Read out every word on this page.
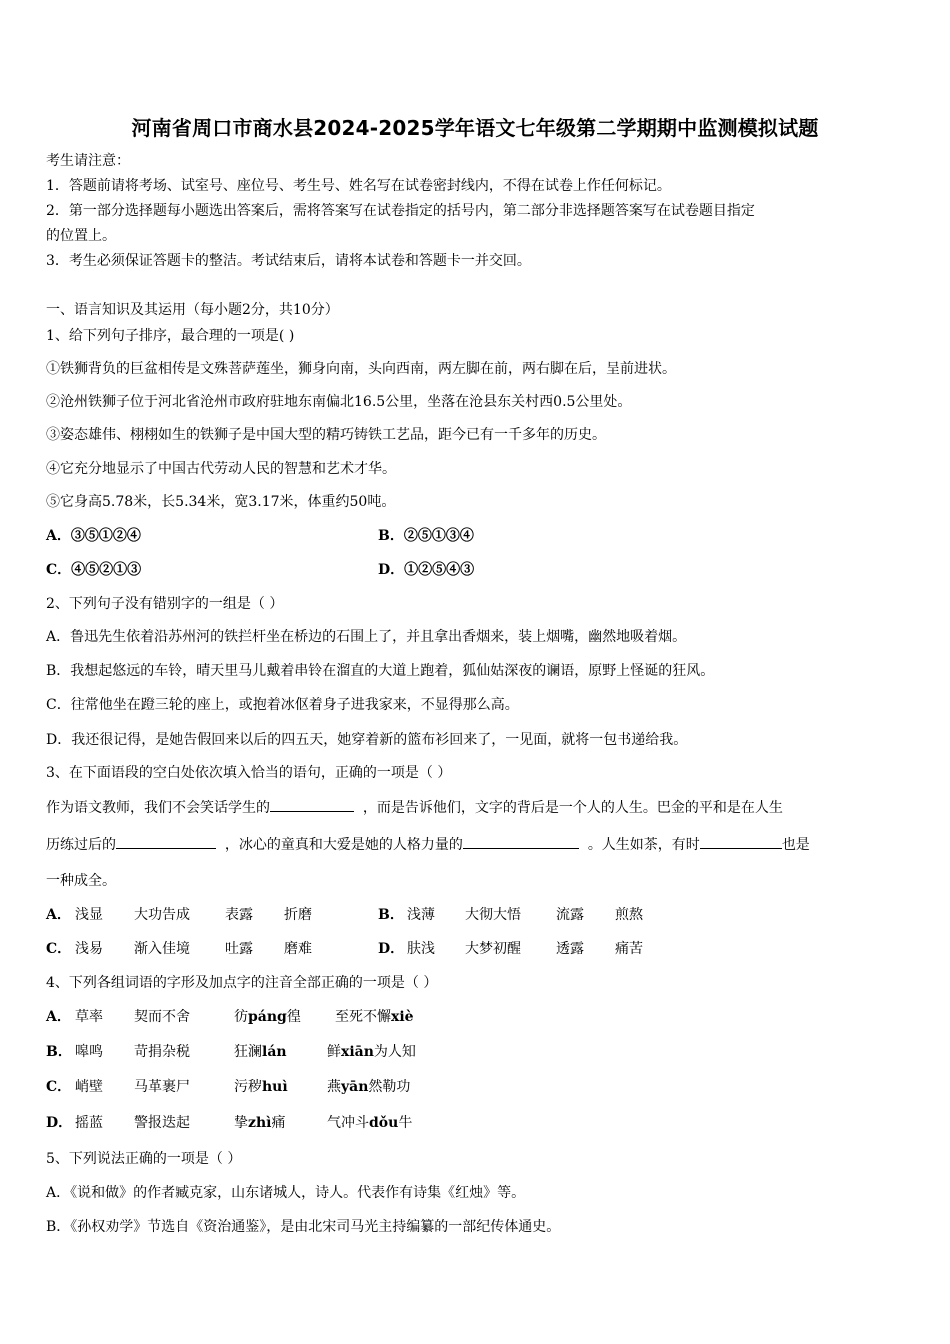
河南省周口市商水县2024-2025学年语文七年级第二学期期中监测模拟试题
考生请注意：
1．答题前请将考场、试室号、座位号、考生号、姓名写在试卷密封线内，不得在试卷上作任何标记。
2．第一部分选择题每小题选出答案后，需将答案写在试卷指定的括号内，第二部分非选择题答案写在试卷题目指定
的位置上。
3．考生必须保证答题卡的整洁。考试结束后，请将本试卷和答题卡一并交回。
一、语言知识及其运用（每小题2分，共10分）
1、给下列句子排序，最合理的一项是( )
①铁狮背负的巨盆相传是文殊菩萨莲坐，狮身向南，头向西南，两左脚在前，两右脚在后，呈前进状。
②沧州铁狮子位于河北省沧州市政府驻地东南偏北16.5公里，坐落在沧县东关村西0.5公里处。
③姿态雄伟、栩栩如生的铁狮子是中国大型的精巧铸铁工艺品，距今已有一千多年的历史。
④它充分地显示了中国古代劳动人民的智慧和艺术才华。
⑤它身高5.78米，长5.34米，宽3.17米，体重约50吨。
A．③⑤①②④	B．②⑤①③④
C．④⑤②①③	D．①②⑤④③
2、下列句子没有错别字的一组是（ ）
A．鲁迅先生依着沿苏州河的铁拦杆坐在桥边的石围上了，并且拿出香烟来，装上烟嘴，幽然地吸着烟。
B．我想起悠远的车铃，晴天里马儿戴着串铃在溜直的大道上跑着，狐仙姑深夜的谰语，原野上怪诞的狂风。
C．往常他坐在蹬三轮的座上，或抱着冰伛着身子进我家来，不显得那么高。
D．我还很记得，是她告假回来以后的四五天，她穿着新的篮布衫回来了，一见面，就将一包书递给我。
3、在下面语段的空白处依次填入恰当的语句，正确的一项是（ ）
作为语文教师，我们不会笑话学生的	，而是告诉他们，文字的背后是一个人的人生。巴金的平和是在人生
历练过后的	，冰心的童真和大爱是她的人格力量的	。人生如茶，有时	也是
一种成全。
A． 浅显 大功告成	表露 折磨	B． 浅薄 大彻大悟	流露 煎熬
C． 浅易 渐入佳境	吐露 磨难	D． 肤浅 大梦初醒	透露 痛苦
4、下列各组词语的字形及加点字的注音全部正确的一项是（ ）
A． 草率 契而不舍	彷páng徨 至死不懈xiè
B． 嗥鸣 苛捐杂税	狂澜lán	鲜xiān为人知
C． 峭壁 马革裹尸	污秽huì	燕yān然勒功
D． 摇蓝 警报迭起	挚zhì痛	气冲斗dǒu牛
5、下列说法正确的一项是（ ）
A．《说和做》的作者臧克家，山东诸城人，诗人。代表作有诗集《红烛》等。
B．《孙权劝学》节选自《资治通鉴》，是由北宋司马光主持编纂的一部纪传体通史。
